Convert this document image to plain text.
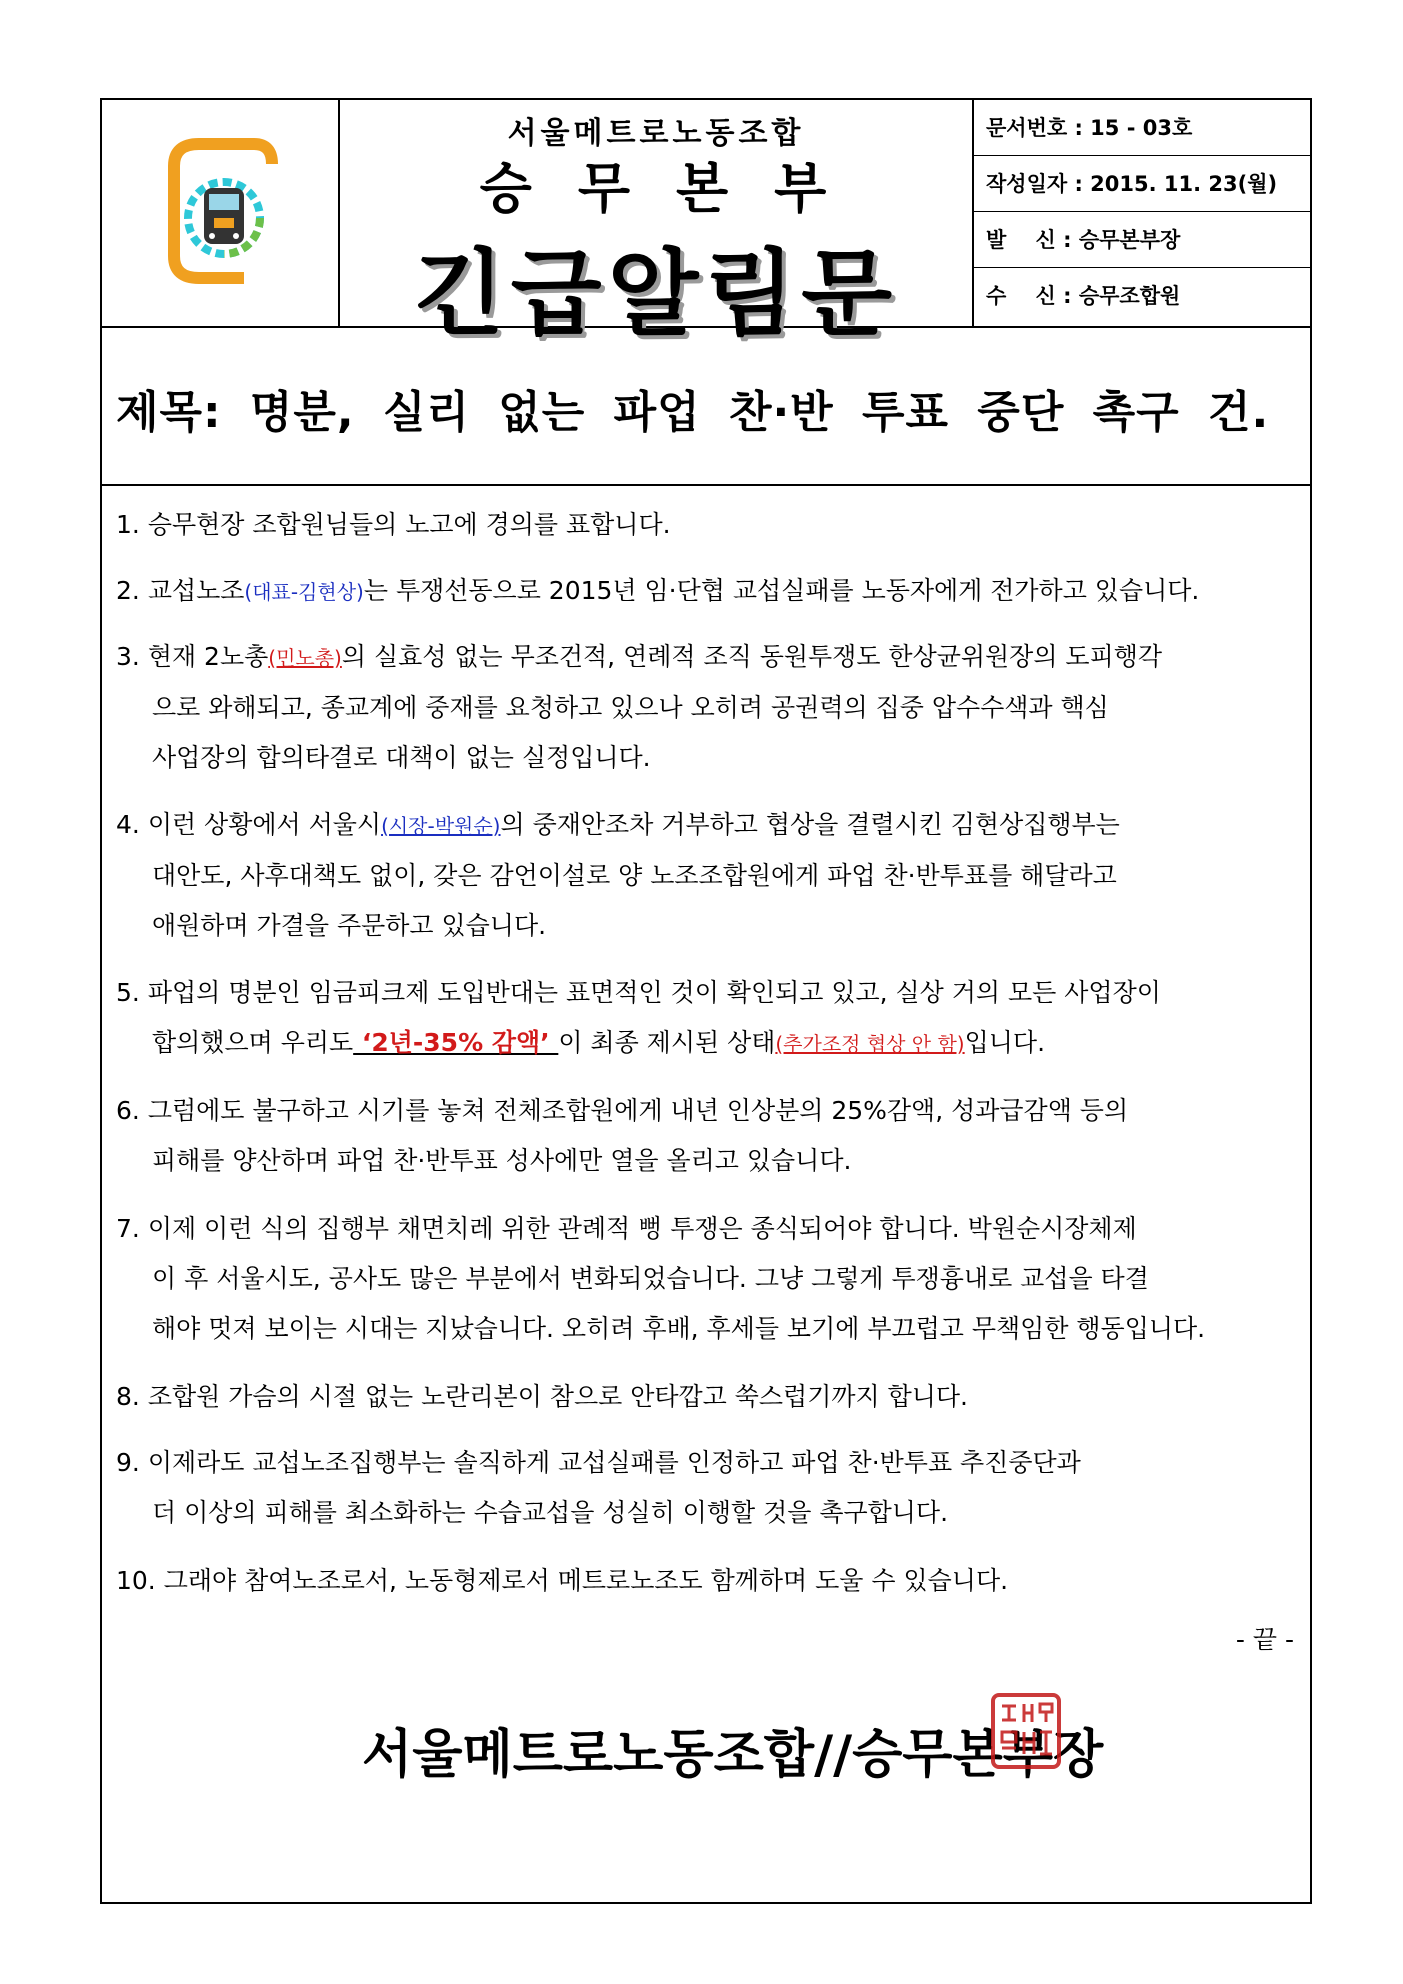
서울메트로노동조합
승무본부
긴급알림문
문서번호 : 15 - 03호
작성일자 : 2015. 11. 23(월)
발    신 : 승무본부장
수    신 : 승무조합원
제목: 명분, 실리 없는 파업 찬·반 투표 중단 촉구 건.
1. 승무현장 조합원님들의 노고에 경의를 표합니다.
2. 교섭노조(대표-김현상)는 투쟁선동으로 2015년 임·단협 교섭실패를 노동자에게 전가하고 있습니다.
3. 현재 2노총(민노총)의 실효성 없는 무조건적, 연례적 조직 동원투쟁도 한상균위원장의 도피행각
으로 와해되고, 종교계에 중재를 요청하고 있으나 오히려 공권력의 집중 압수수색과 핵심
사업장의 합의타결로 대책이 없는 실정입니다.
4. 이런 상황에서 서울시(시장-박원순)의 중재안조차 거부하고 협상을 결렬시킨 김현상집행부는
대안도, 사후대책도 없이, 갖은 감언이설로 양 노조조합원에게 파업 찬·반투표를 해달라고
애원하며 가결을 주문하고 있습니다.
5. 파업의 명분인 임금피크제 도입반대는 표면적인 것이 확인되고 있고, 실상 거의 모든 사업장이
합의했으며 우리도 ‘2년-35% 감액’ 이 최종 제시된 상태(추가조정 협상 안 함)입니다.
6. 그럼에도 불구하고 시기를 놓쳐 전체조합원에게 내년 인상분의 25%감액, 성과급감액 등의
피해를 양산하며 파업 찬·반투표 성사에만 열을 올리고 있습니다.
7. 이제 이런 식의 집행부 채면치레 위한 관례적 뻥 투쟁은 종식되어야 합니다. 박원순시장체제
이 후 서울시도, 공사도 많은 부분에서 변화되었습니다. 그냥 그렇게 투쟁흉내로 교섭을 타결
해야 멋져 보이는 시대는 지났습니다. 오히려 후배, 후세들 보기에 부끄럽고 무책임한 행동입니다.
8. 조합원 가슴의 시절 없는 노란리본이 참으로 안타깝고 쑥스럽기까지 합니다.
9. 이제라도 교섭노조집행부는 솔직하게 교섭실패를 인정하고 파업 찬·반투표 추진중단과
더 이상의 피해를 최소화하는 수습교섭을 성실히 이행할 것을 촉구합니다.
10. 그래야 참여노조로서, 노동형제로서 메트로노조도 함께하며 도울 수 있습니다.
- 끝 -
서울메트로노동조합//승무본부장
